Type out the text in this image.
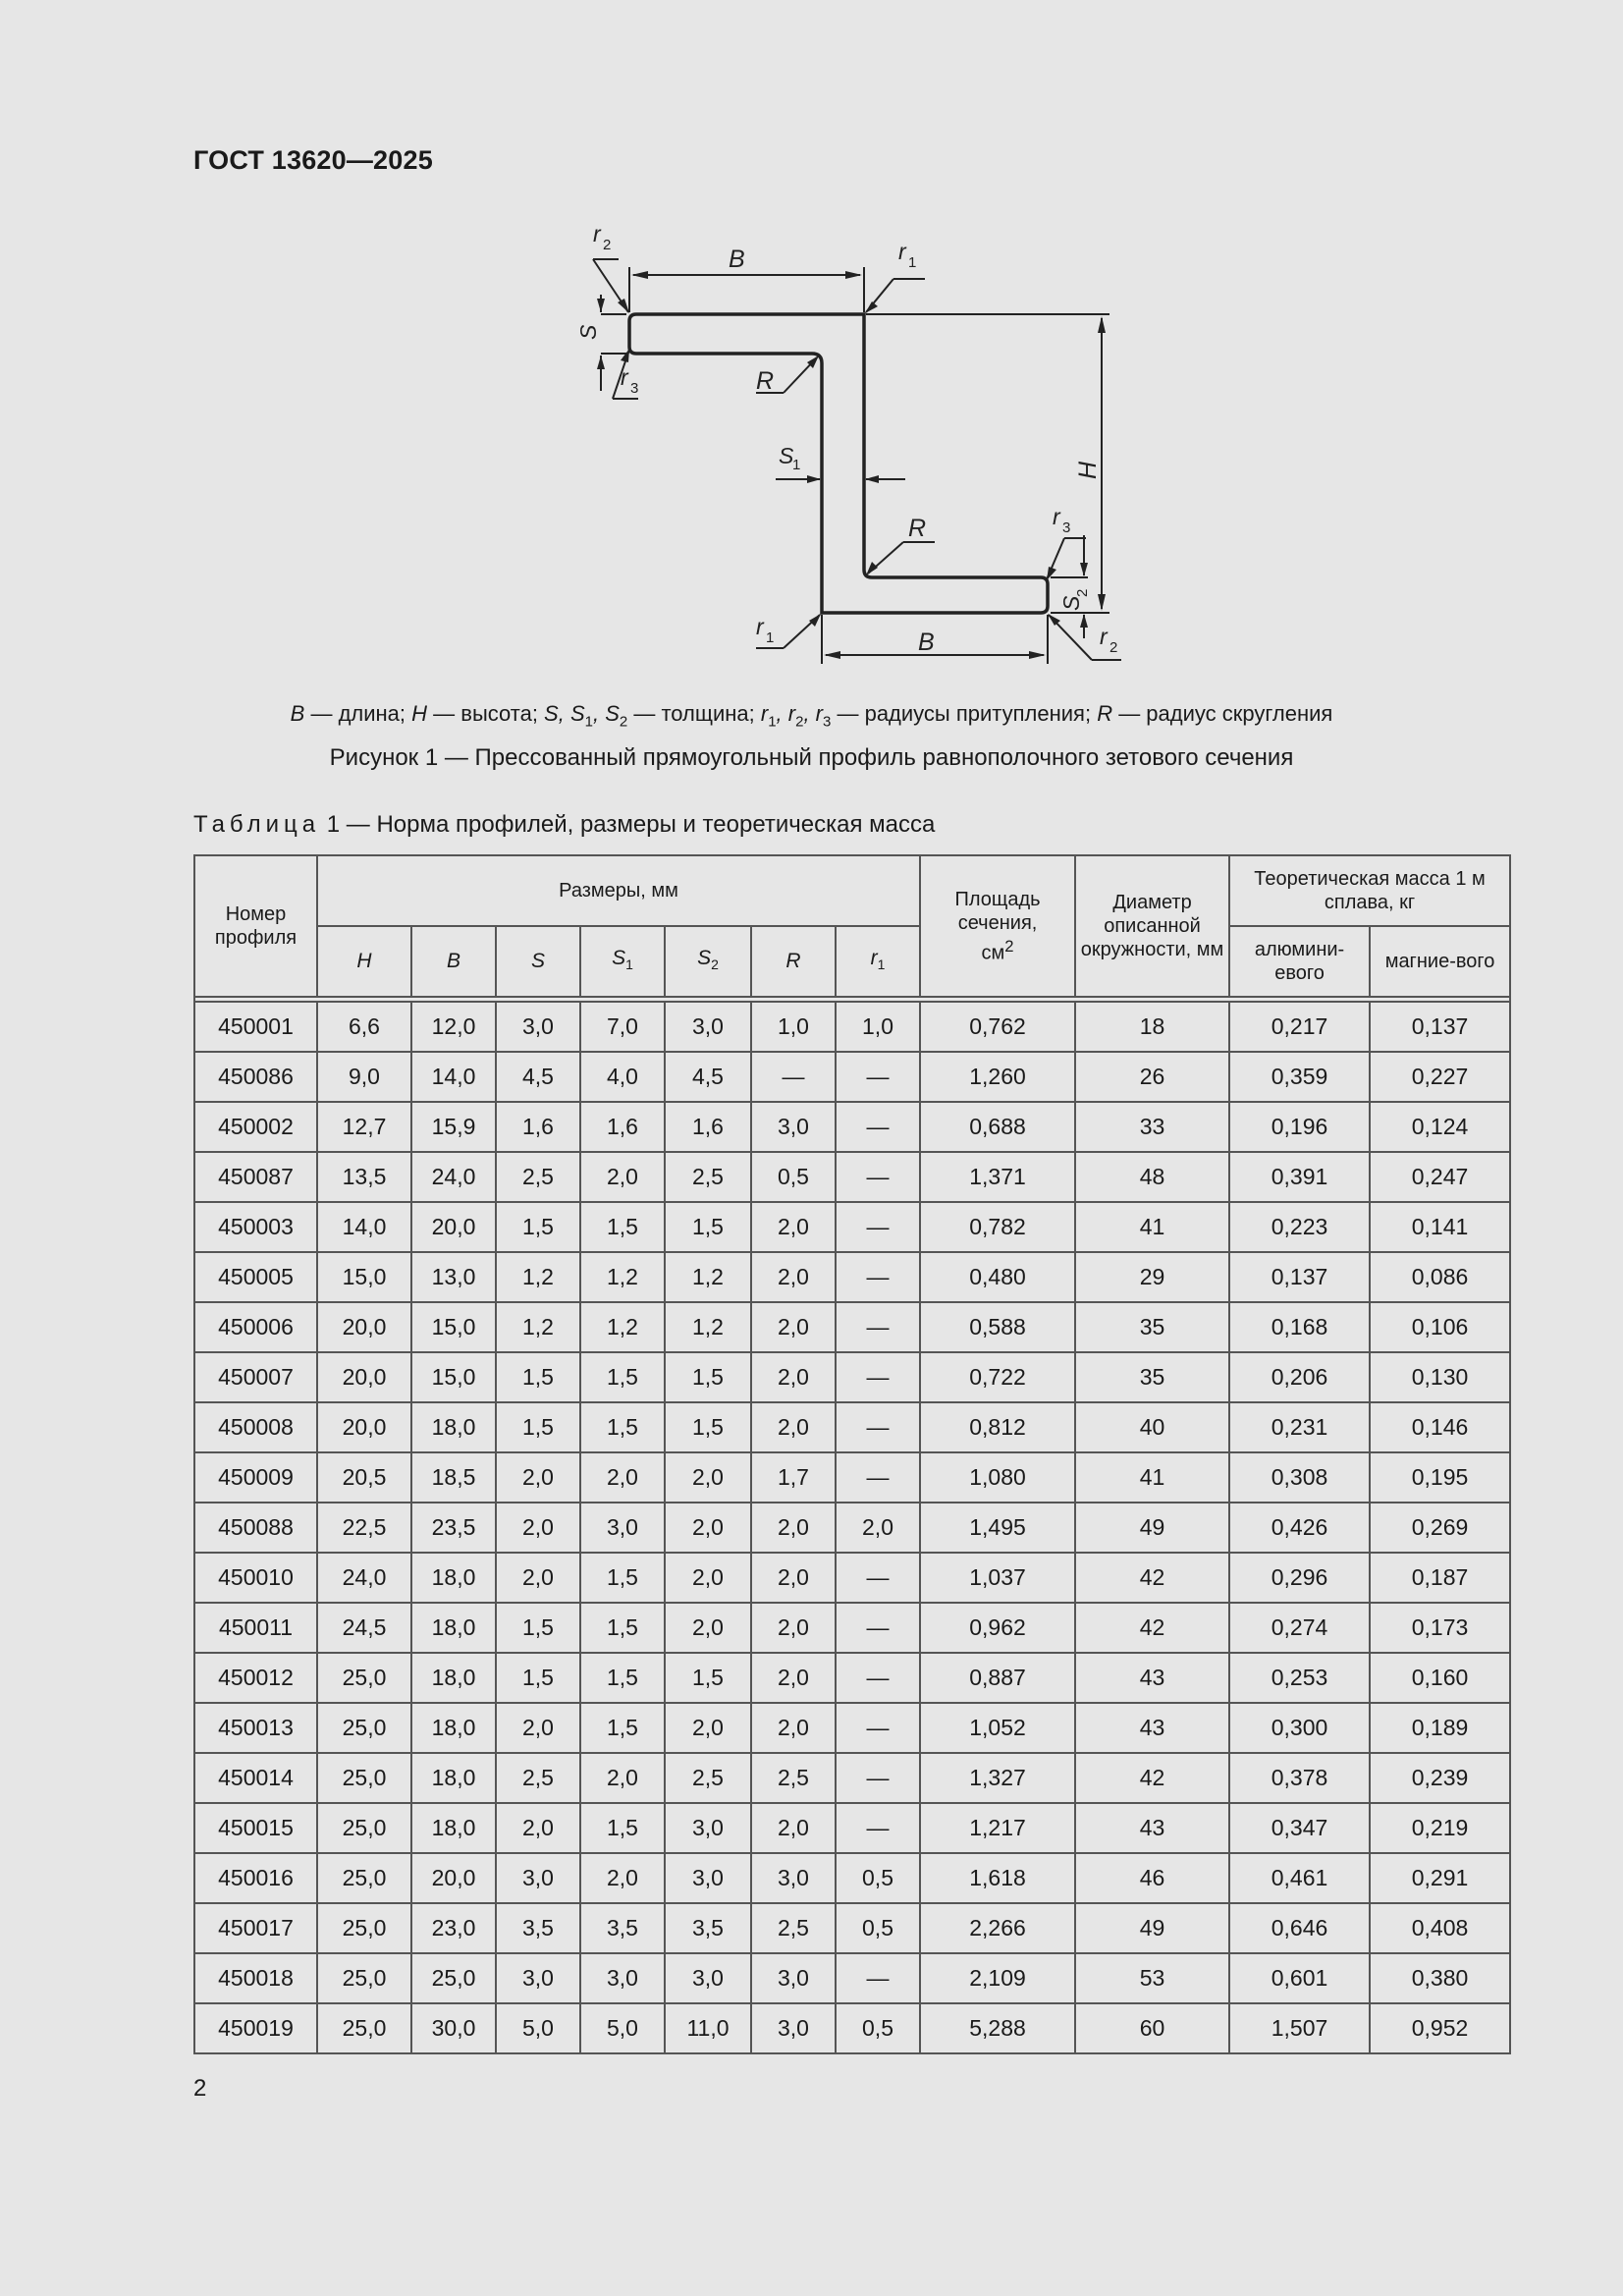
ГОСТ 13620—2025
B
B
H
S
S
1
S
2
R
R
r 1
r 2
r 3
r 1	r 2
r 3
B — длина; H — высота; S, $S_1$, $S_2$ — толщина; $r_1$, $r_2$, $r_3$ — радиусы притупления; R — радиус скругления
Рисунок 1 — Прессованный прямоугольный профиль равнополочного зетового сечения
Таблица 1 — Норма профилей, размеры и теоретическая масса
Номер профиля	Размеры, мм							Площадь сечения,
$см^2$	Диаметр описанной окружности, мм	Теоретическая масса 1 м сплава, кг	
	H	B	S	$S_1$	$S_2$	R	$r_1$			алюмини-евого	магние-вого

450001	6,6	12,0	3,0	7,0	3,0	1,0	1,0	0,762	18	0,217	0,137
450086	9,0	14,0	4,5	4,0	4,5	—	—	1,260	26	0,359	0,227
450002	12,7	15,9	1,6	1,6	1,6	3,0	—	0,688	33	0,196	0,124
450087	13,5	24,0	2,5	2,0	2,5	0,5	—	1,371	48	0,391	0,247
450003	14,0	20,0	1,5	1,5	1,5	2,0	—	0,782	41	0,223	0,141
450005	15,0	13,0	1,2	1,2	1,2	2,0	—	0,480	29	0,137	0,086
450006	20,0	15,0	1,2	1,2	1,2	2,0	—	0,588	35	0,168	0,106
450007	20,0	15,0	1,5	1,5	1,5	2,0	—	0,722	35	0,206	0,130
450008	20,0	18,0	1,5	1,5	1,5	2,0	—	0,812	40	0,231	0,146
450009	20,5	18,5	2,0	2,0	2,0	1,7	—	1,080	41	0,308	0,195
450088	22,5	23,5	2,0	3,0	2,0	2,0	2,0	1,495	49	0,426	0,269
450010	24,0	18,0	2,0	1,5	2,0	2,0	—	1,037	42	0,296	0,187
450011	24,5	18,0	1,5	1,5	2,0	2,0	—	0,962	42	0,274	0,173
450012	25,0	18,0	1,5	1,5	1,5	2,0	—	0,887	43	0,253	0,160
450013	25,0	18,0	2,0	1,5	2,0	2,0	—	1,052	43	0,300	0,189
450014	25,0	18,0	2,5	2,0	2,5	2,5	—	1,327	42	0,378	0,239
450015	25,0	18,0	2,0	1,5	3,0	2,0	—	1,217	43	0,347	0,219
450016	25,0	20,0	3,0	2,0	3,0	3,0	0,5	1,618	46	0,461	0,291
450017	25,0	23,0	3,5	3,5	3,5	2,5	0,5	2,266	49	0,646	0,408
450018	25,0	25,0	3,0	3,0	3,0	3,0	—	2,109	53	0,601	0,380
450019	25,0	30,0	5,0	5,0	11,0	3,0	0,5	5,288	60	1,507	0,952
2
